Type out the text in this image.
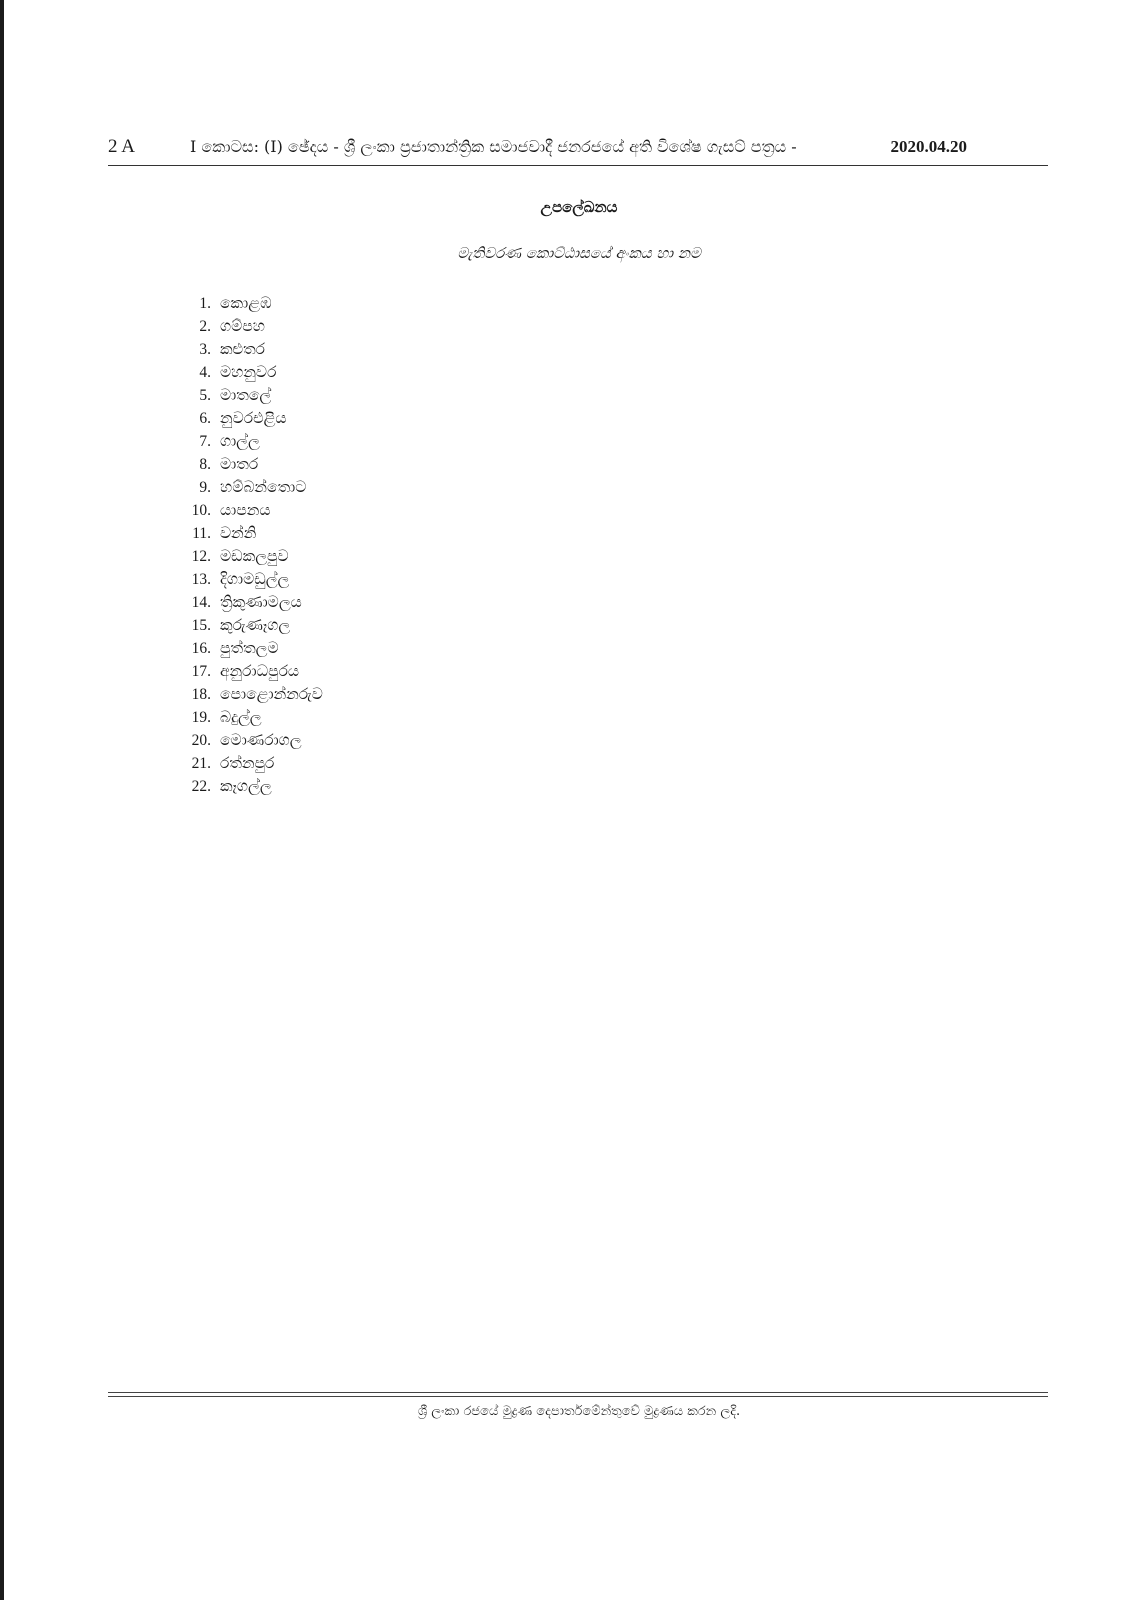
2 A	I කොටස: (I) ඡේදය - ශ්‍රී ලංකා ප්‍රජාතාන්ත්‍රික සමාජවාදී ජනරජයේ අති විශේෂ ගැසට් පත්‍රය -	2020.04.20
උපලේඛනය
මැතිවරණ කොට්ඨාසයේ අංකය හා නම
1. කොළඹ
2. ගම්පහ
3. කළුතර
4. මහනුවර
5. මාතලේ
6. නුවරඑළිය
7. ගාල්ල
8. මාතර
9. හම්බන්තොට
10. යාපනය
11. වන්නි
12. මඩකලපුව
13. දිගාමඩුල්ල
14. ත්‍රිකුණාමලය
15. කුරුණෑගල
16. පුත්තලම
17. අනුරාධපුරය
18. පොළොන්නරුව
19. බදුල්ල
20. මොණරාගල
21. රත්නපුර
22. කෑගල්ල
ශ්‍රී ලංකා රජයේ මුද්‍රණ දෙපාර්තමේන්තුවේ මුද්‍රණය කරන ලදි.
